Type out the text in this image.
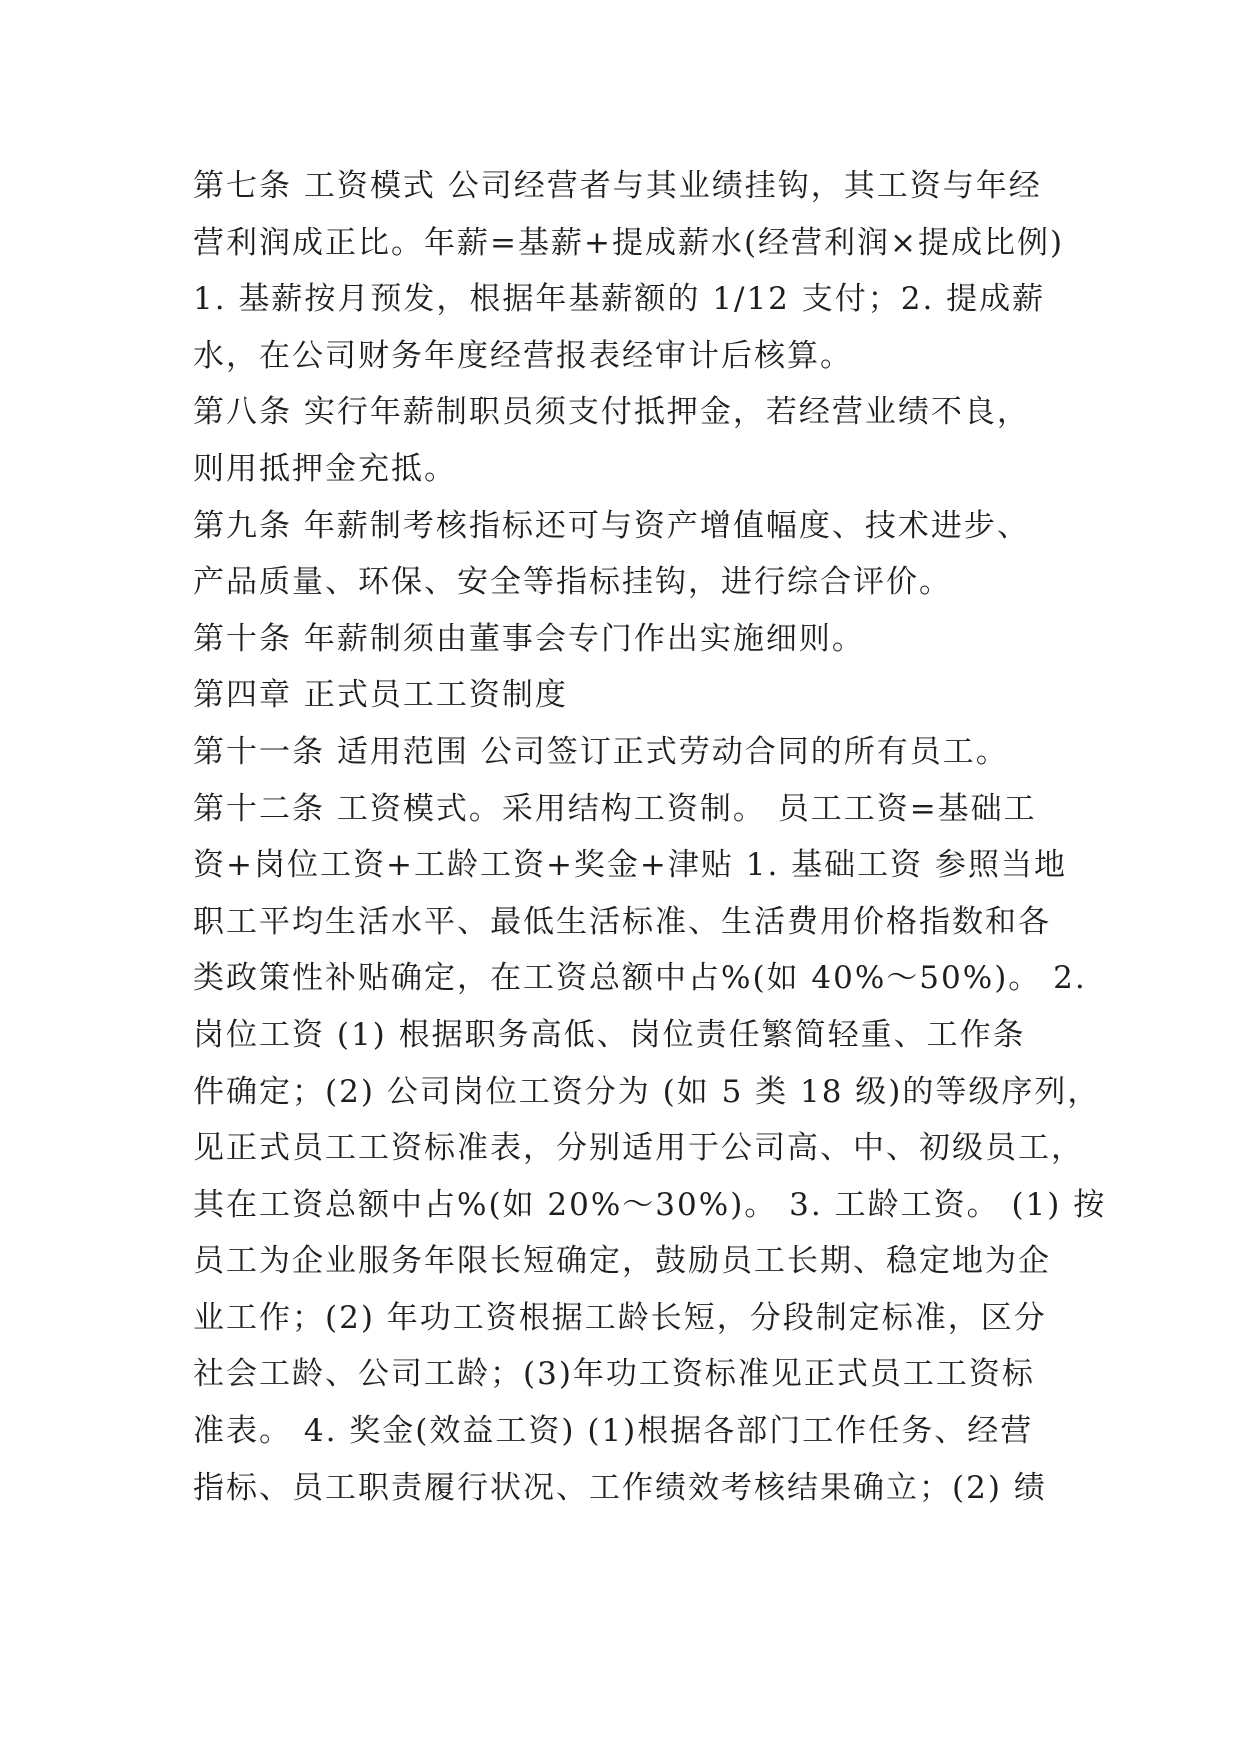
第七条 工资模式 公司经营者与其业绩挂钩，其工资与年经
营利润成正比。年薪=基薪+提成薪水(经营利润×提成比例)
1. 基薪按月预发，根据年基薪额的 1/12 支付；2. 提成薪
水，在公司财务年度经营报表经审计后核算。
第八条 实行年薪制职员须支付抵押金，若经营业绩不良，
则用抵押金充抵。
第九条 年薪制考核指标还可与资产增值幅度、技术进步、
产品质量、环保、安全等指标挂钩，进行综合评价。
第十条 年薪制须由董事会专门作出实施细则。
第四章 正式员工工资制度
第十一条 适用范围 公司签订正式劳动合同的所有员工。
第十二条 工资模式。采用结构工资制。 员工工资=基础工
资+岗位工资+工龄工资+奖金+津贴 1. 基础工资 参照当地
职工平均生活水平、最低生活标准、生活费用价格指数和各
类政策性补贴确定，在工资总额中占%(如 40%～50%)。 2.
岗位工资 (1) 根据职务高低、岗位责任繁简轻重、工作条
件确定；(2) 公司岗位工资分为 (如 5 类 18 级)的等级序列，
见正式员工工资标准表，分别适用于公司高、中、初级员工，
其在工资总额中占%(如 20%～30%)。 3. 工龄工资。 (1) 按
员工为企业服务年限长短确定，鼓励员工长期、稳定地为企
业工作；(2) 年功工资根据工龄长短，分段制定标准，区分
社会工龄、公司工龄；(3)年功工资标准见正式员工工资标
准表。 4. 奖金(效益工资) (1)根据各部门工作任务、经营
指标、员工职责履行状况、工作绩效考核结果确立；(2) 绩
